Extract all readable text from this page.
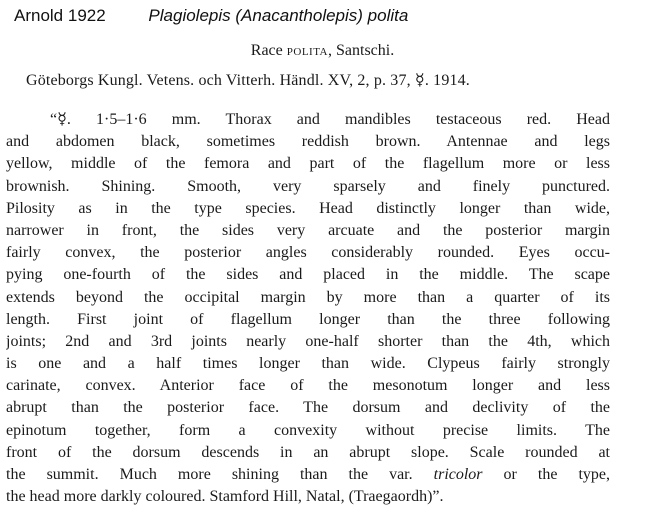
Arnold 1922	Plagiolepis (Anacantholepis) polita
Race polita, Santschi.
Göteborgs Kungl. Vetens. och Vitterh. Händl. XV, 2, p. 37, ☿. 1914.
“☿. 1·5–1·6 mm. Thorax and mandibles testaceous red. Head
and abdomen black, sometimes reddish brown. Antennae and legs
yellow, middle of the femora and part of the flagellum more or less
brownish. Shining. Smooth, very sparsely and finely punctured.
Pilosity as in the type species. Head distinctly longer than wide,
narrower in front, the sides very arcuate and the posterior margin
fairly convex, the posterior angles considerably rounded. Eyes occu-
pying one-fourth of the sides and placed in the middle. The scape
extends beyond the occipital margin by more than a quarter of its
length. First joint of flagellum longer than the three following
joints; 2nd and 3rd joints nearly one-half shorter than the 4th, which
is one and a half times longer than wide. Clypeus fairly strongly
carinate, convex. Anterior face of the mesonotum longer and less
abrupt than the posterior face. The dorsum and declivity of the
epinotum together, form a convexity without precise limits. The
front of the dorsum descends in an abrupt slope. Scale rounded at
the summit. Much more shining than the var. tricolor or the type,
the head more darkly coloured. Stamford Hill, Natal, (Traegaordh)”.
